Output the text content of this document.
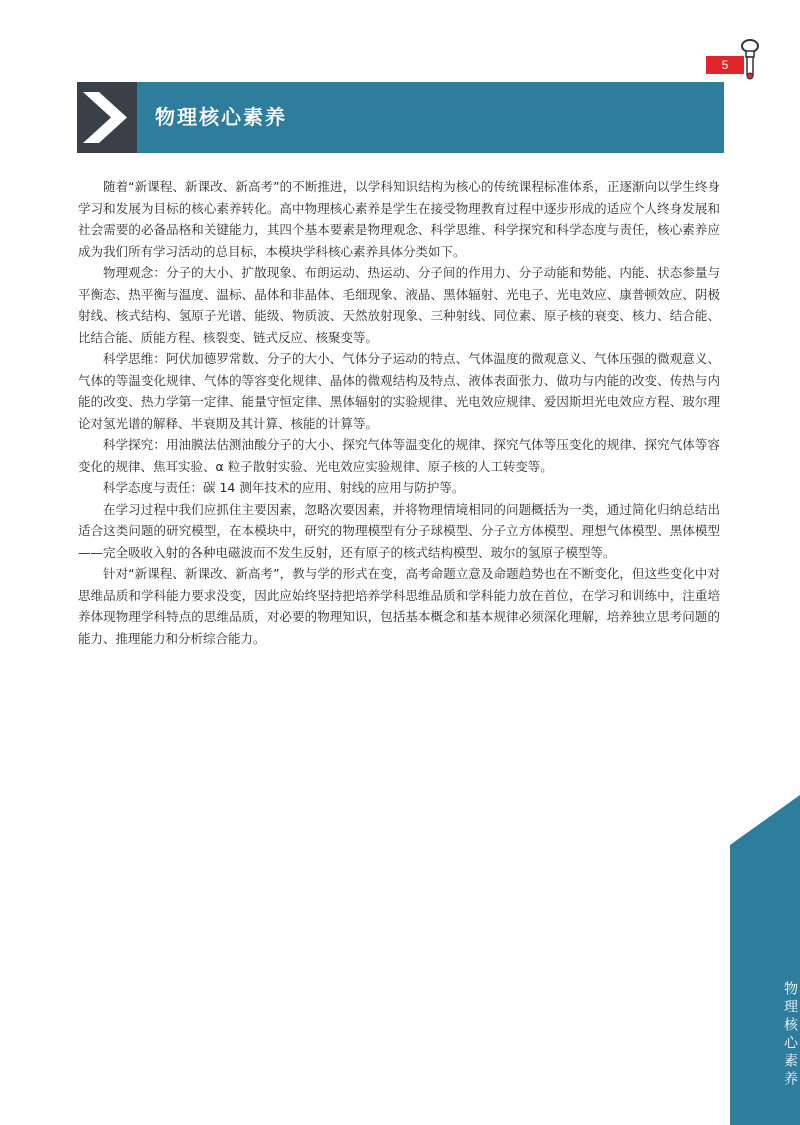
5
物理核心素养

随着“新课程、新课改、新高考”的不断推进，以学科知识结构为核心的传统课程标准体系，正逐渐向以学生终身学习和发展为目标的核心素养转化。高中物理核心素养是学生在接受物理教育过程中逐步形成的适应个人终身发展和社会需要的必备品格和关键能力，其四个基本要素是物理观念、科学思维、科学探究和科学态度与责任，核心素养应成为我们所有学习活动的总目标，本模块学科核心素养具体分类如下。

物理观念：分子的大小、扩散现象、布朗运动、热运动、分子间的作用力、分子动能和势能、内能、状态参量与平衡态、热平衡与温度、温标、晶体和非晶体、毛细现象、液晶、黑体辐射、光电子、光电效应、康普顿效应、阴极射线、核式结构、氢原子光谱、能级、物质波、天然放射现象、三种射线、同位素、原子核的衰变、核力、结合能、比结合能、质能方程、核裂变、链式反应、核聚变等。

科学思维：阿伏加德罗常数、分子的大小、气体分子运动的特点、气体温度的微观意义、气体压强的微观意义、气体的等温变化规律、气体的等容变化规律、晶体的微观结构及特点、液体表面张力、做功与内能的改变、传热与内能的改变、热力学第一定律、能量守恒定律、黑体辐射的实验规律、光电效应规律、爱因斯坦光电效应方程、玻尔理论对氢光谱的解释、半衰期及其计算、核能的计算等。

科学探究：用油膜法估测油酸分子的大小、探究气体等温变化的规律、探究气体等压变化的规律、探究气体等容变化的规律、焦耳实验、α 粒子散射实验、光电效应实验规律、原子核的人工转变等。

科学态度与责任：碳 14 测年技术的应用、射线的应用与防护等。

在学习过程中我们应抓住主要因素，忽略次要因素，并将物理情境相同的问题概括为一类，通过简化归纳总结出适合这类问题的研究模型，在本模块中，研究的物理模型有分子球模型、分子立方体模型、理想气体模型、黑体模型——完全吸收入射的各种电磁波而不发生反射，还有原子的核式结构模型、玻尔的氢原子模型等。

针对“新课程、新课改、新高考”，教与学的形式在变，高考命题立意及命题趋势也在不断变化，但这些变化中对思维品质和学科能力要求没变，因此应始终坚持把培养学科思维品质和学科能力放在首位，在学习和训练中，注重培养体现物理学科特点的思维品质，对必要的物理知识，包括基本概念和基本规律必须深化理解，培养独立思考问题的能力、推理能力和分析综合能力。

物理核心素养
